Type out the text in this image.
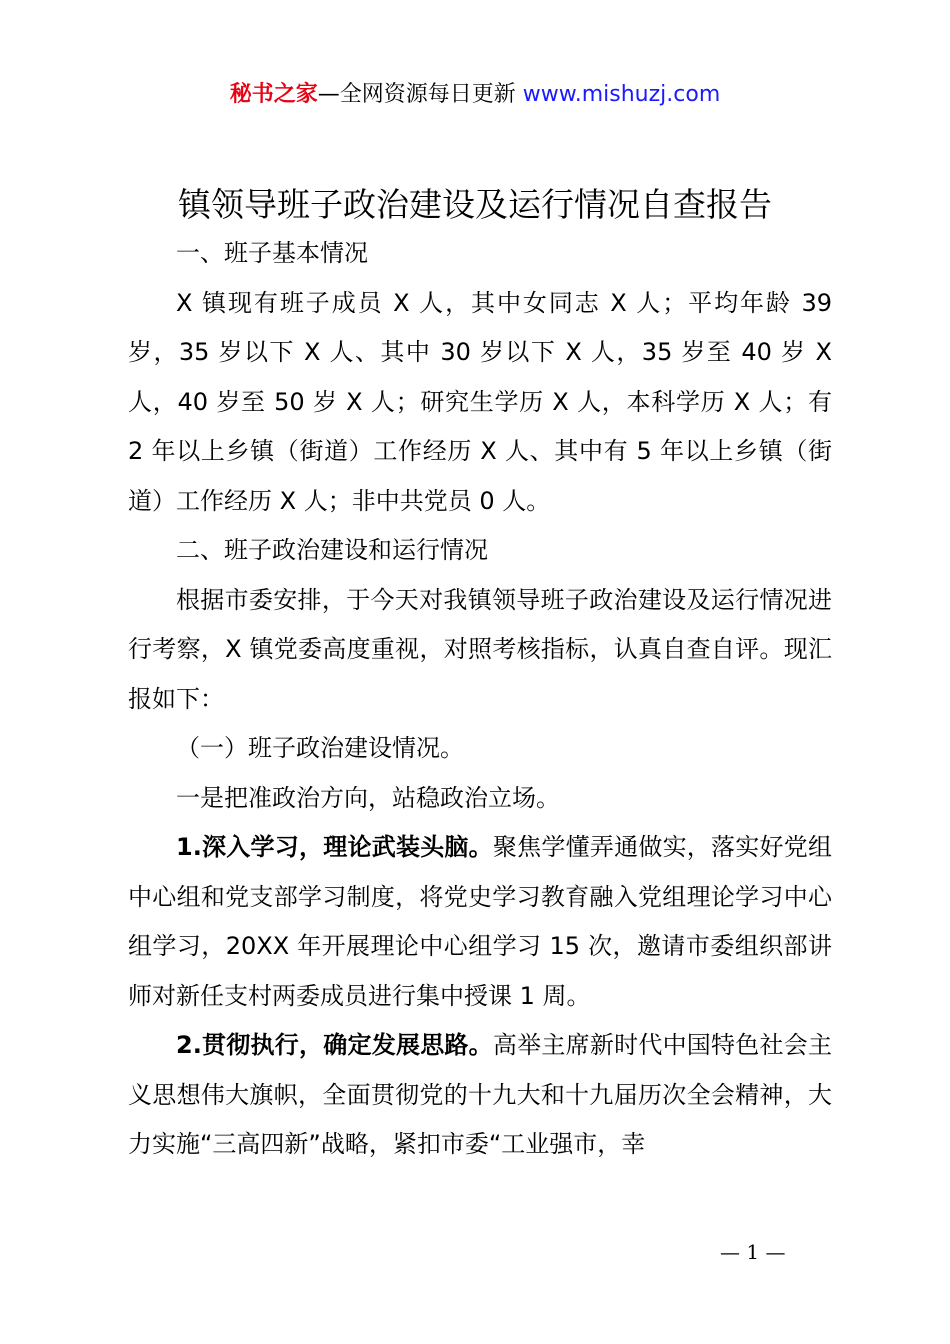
秘书之家—全网资源每日更新 www.mishuzj.com
镇领导班子政治建设及运行情况自查报告

一、班子基本情况

X 镇现有班子成员 X 人，其中女同志 X 人；平均年龄 39 岁，35 岁以下 X 人、其中 30 岁以下 X 人，35 岁至 40 岁 X 人，40 岁至 50 岁 X 人；研究生学历 X 人，本科学历 X 人；有 2 年以上乡镇（街道）工作经历 X 人、其中有 5 年以上乡镇（街道）工作经历 X 人；非中共党员 0 人。

二、班子政治建设和运行情况

根据市委安排，于今天对我镇领导班子政治建设及运行情况进行考察，X 镇党委高度重视，对照考核指标，认真自查自评。现汇报如下：

（一）班子政治建设情况。

一是把准政治方向，站稳政治立场。

1.深入学习，理论武装头脑。聚焦学懂弄通做实，落实好党组中心组和党支部学习制度，将党史学习教育融入党组理论学习中心组学习，20XX 年开展理论中心组学习 15 次，邀请市委组织部讲师对新任支村两委成员进行集中授课 1 周。

2.贯彻执行，确定发展思路。高举主席新时代中国特色社会主义思想伟大旗帜，全面贯彻党的十九大和十九届历次全会精神，大力实施“三高四新”战略，紧扣市委“工业强市，幸

— 1 —
